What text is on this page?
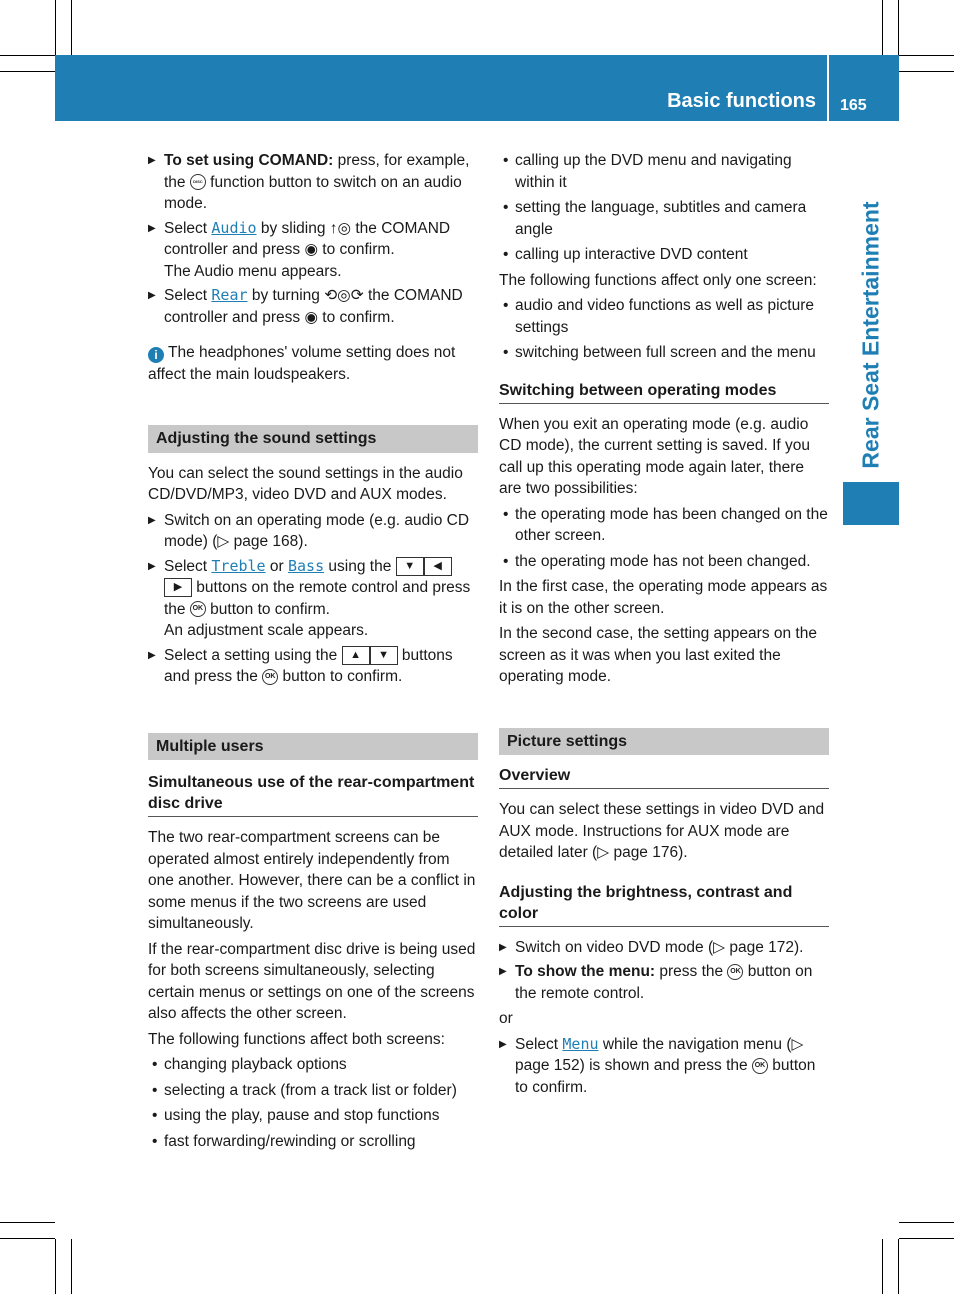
Basic functions 165
Rear Seat Entertainment
▶ To set using COMAND: press, for example, the DISC function button to switch on an audio mode.
▶ Select Audio by sliding ↑◎ the COMAND controller and press ◉ to confirm.
The Audio menu appears.
▶ Select Rear by turning ⟲◎⟳ the COMAND controller and press ◉ to confirm.
i The headphones' volume setting does not affect the main loudspeakers.
Adjusting the sound settings
You can select the sound settings in the audio CD/DVD/MP3, video DVD and AUX modes.
▶ Switch on an operating mode (e.g. audio CD mode) (▷ page 168).
▶ Select Treble or Bass using the ▼ ◀▶ buttons on the remote control and press the OK button to confirm.
An adjustment scale appears.
▶ Select a setting using the ▲ ▼ buttons and press the OK button to confirm.
Multiple users
Simultaneous use of the rear-compartment disc drive
The two rear-compartment screens can be operated almost entirely independently from one another. However, there can be a conflict in some menus if the two screens are used simultaneously.
If the rear-compartment disc drive is being used for both screens simultaneously, selecting certain menus or settings on one of the screens also affects the other screen.
The following functions affect both screens:
• changing playback options
• selecting a track (from a track list or folder)
• using the play, pause and stop functions
• fast forwarding/rewinding or scrolling
• calling up the DVD menu and navigating within it
• setting the language, subtitles and camera angle
• calling up interactive DVD content
The following functions affect only one screen:
• audio and video functions as well as picture settings
• switching between full screen and the menu
Switching between operating modes
When you exit an operating mode (e.g. audio CD mode), the current setting is saved. If you call up this operating mode again later, there are two possibilities:
• the operating mode has been changed on the other screen.
• the operating mode has not been changed.
In the first case, the operating mode appears as it is on the other screen.
In the second case, the setting appears on the screen as it was when you last exited the operating mode.
Picture settings
Overview
You can select these settings in video DVD and AUX mode. Instructions for AUX mode are detailed later (▷ page 176).
Adjusting the brightness, contrast and color
▶ Switch on video DVD mode (▷ page 172).
▶ To show the menu: press the OK button on the remote control.
or
▶ Select Menu while the navigation menu (▷ page 152) is shown and press the OK button to confirm.
